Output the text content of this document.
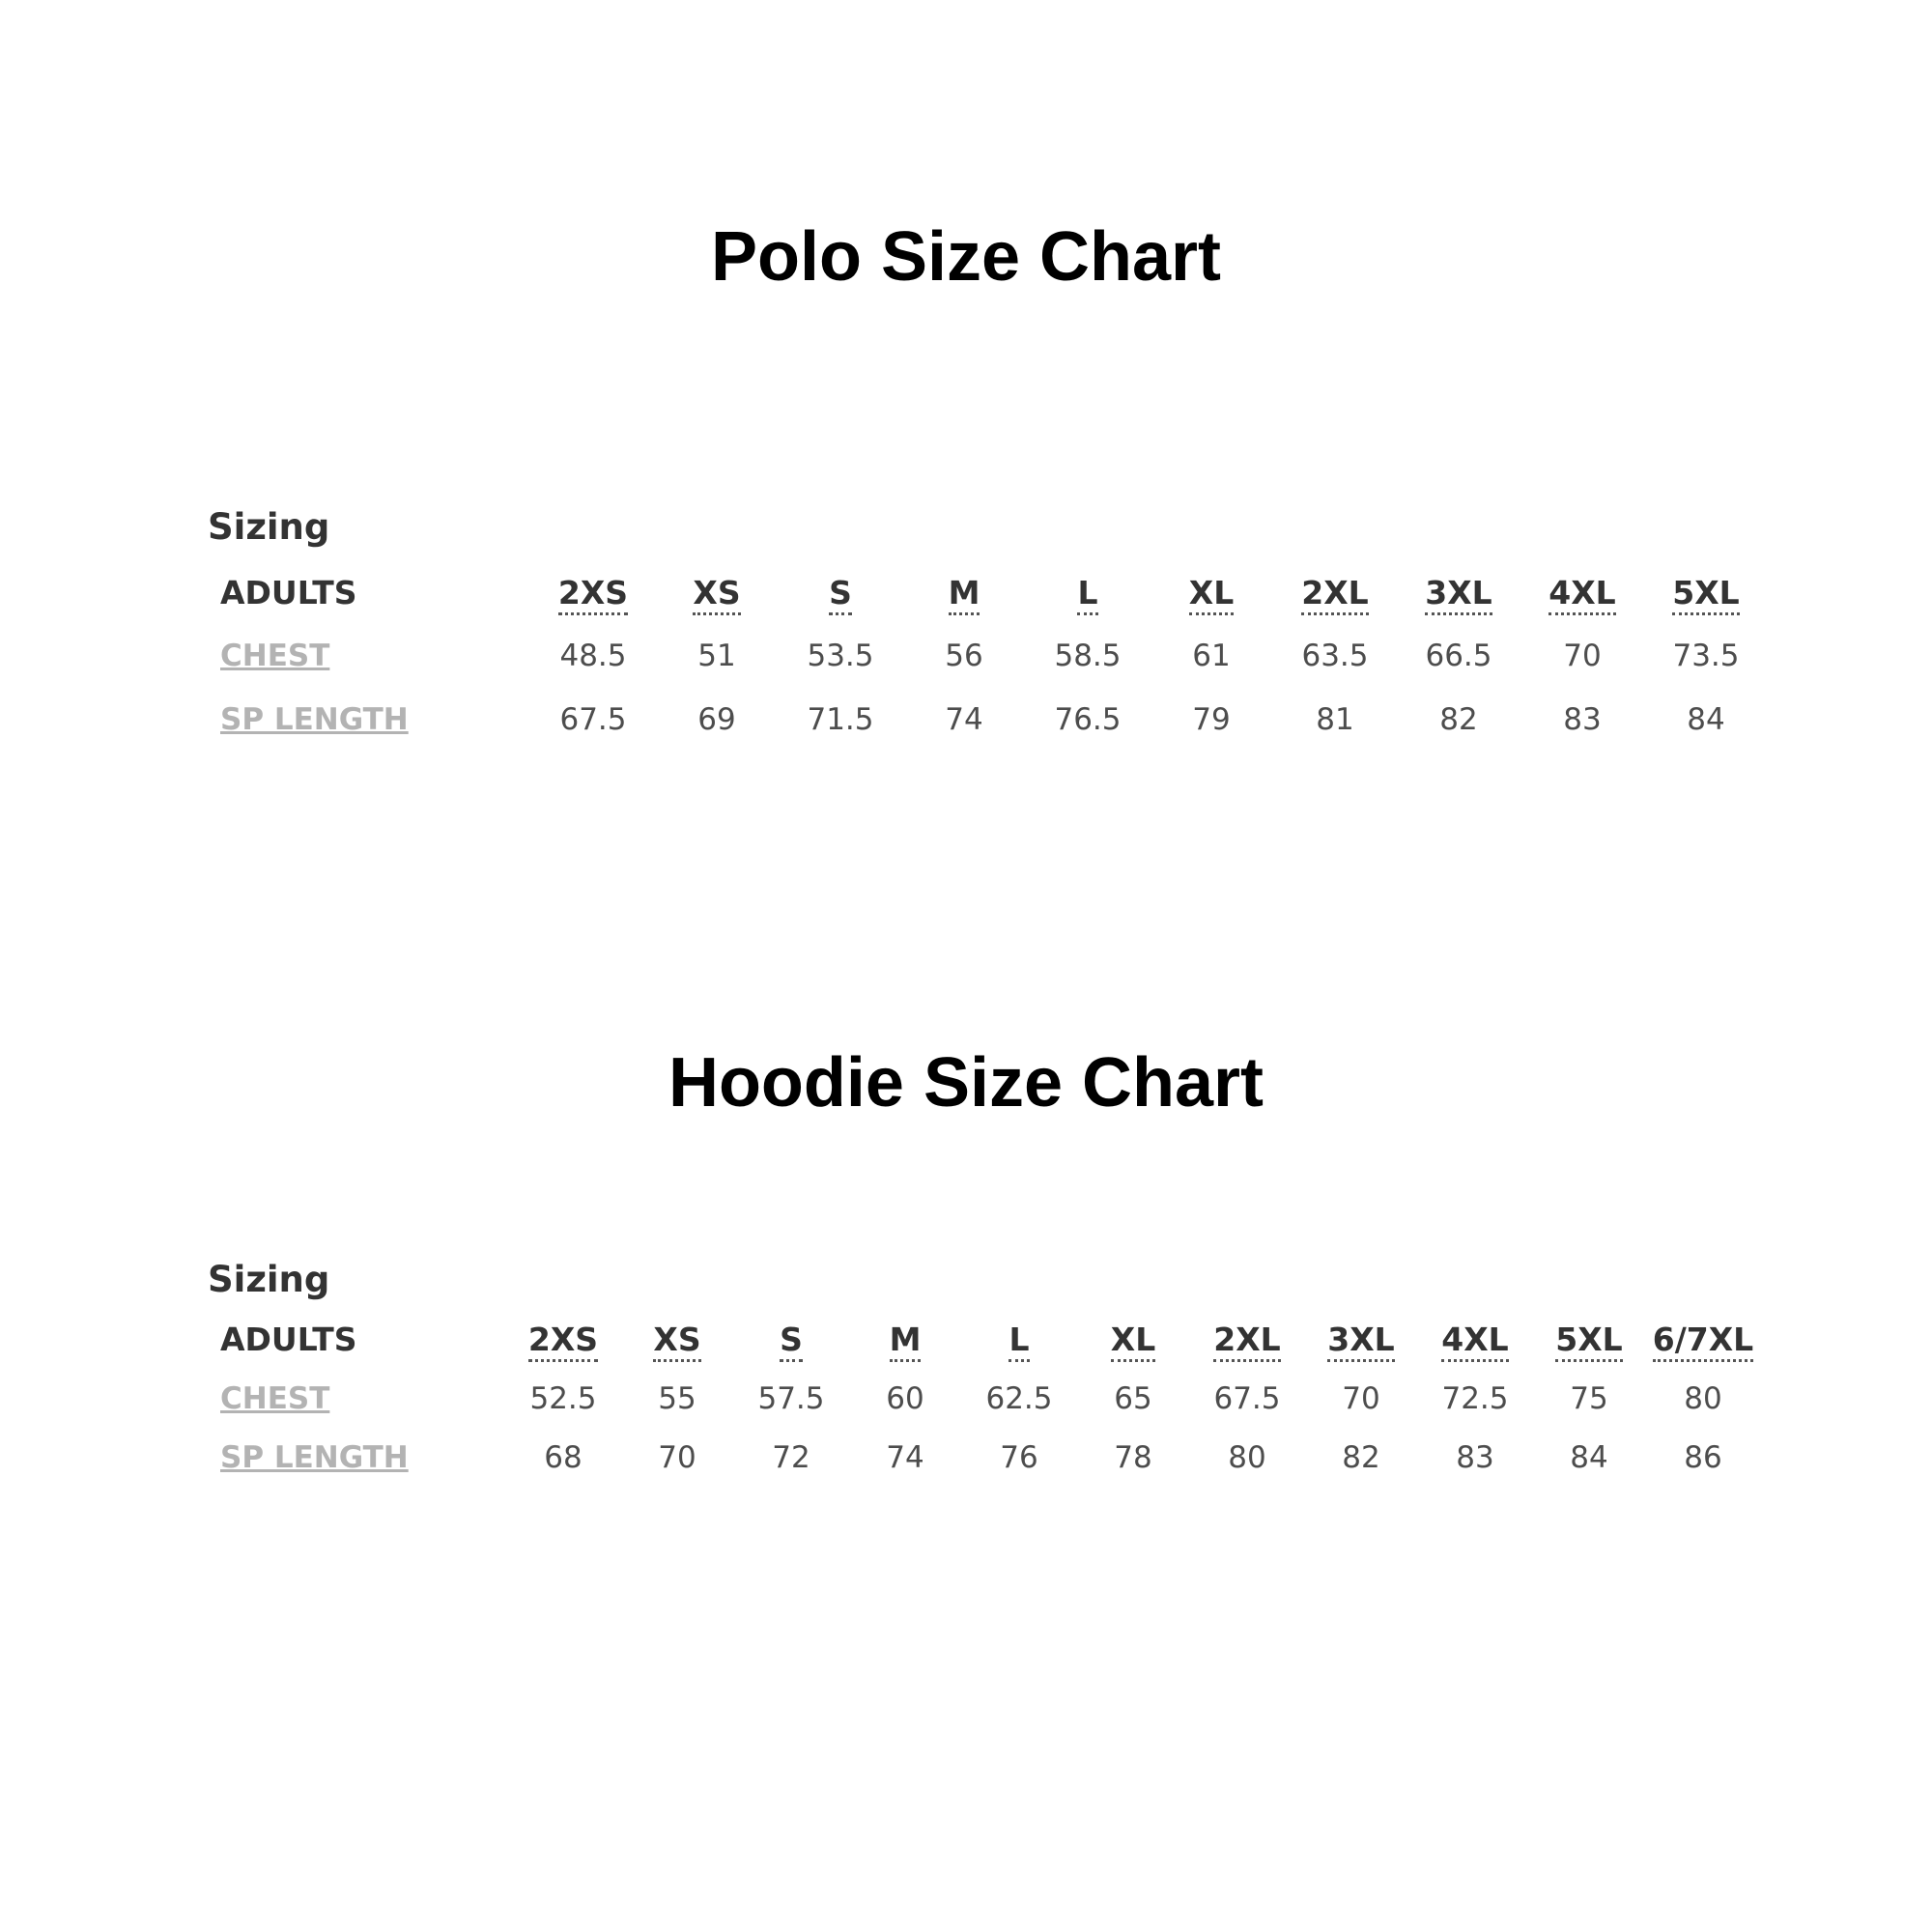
Polo Size Chart
Sizing
ADULTS	2XS	XS	S	M	L	XL	2XL	3XL	4XL	5XL
CHEST	48.5	51	53.5	56	58.5	61	63.5	66.5	70	73.5
SP LENGTH	67.5	69	71.5	74	76.5	79	81	82	83	84
Hoodie Size Chart
Sizing
ADULTS	2XS	XS	S	M	L	XL	2XL	3XL	4XL	5XL	6/7XL
CHEST	52.5	55	57.5	60	62.5	65	67.5	70	72.5	75	80
SP LENGTH	68	70	72	74	76	78	80	82	83	84	86
